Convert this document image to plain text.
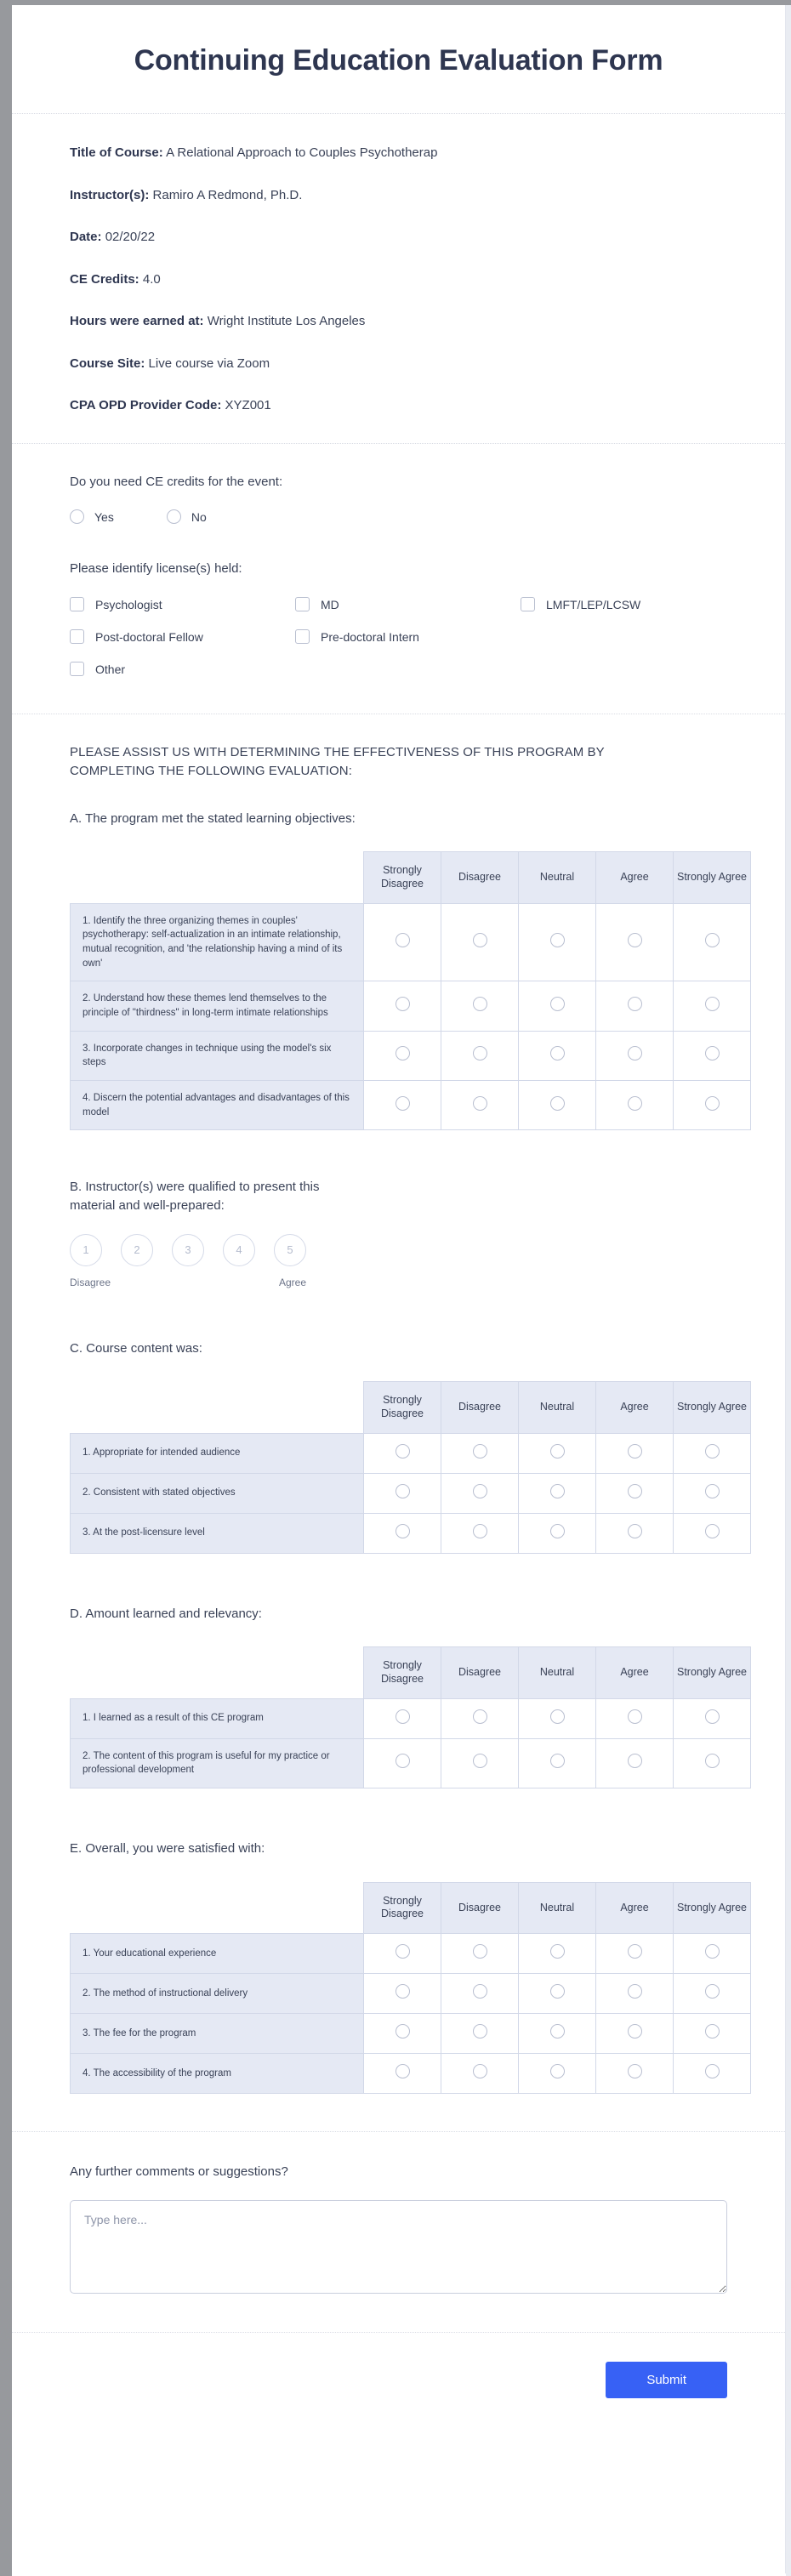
Continuing Education Evaluation Form
Title of Course: A Relational Approach to Couples Psychotherap
Instructor(s): Ramiro A Redmond, Ph.D.
Date: 02/20/22
CE Credits: 4.0
Hours were earned at: Wright Institute Los Angeles
Course Site: Live course via Zoom
CPA OPD Provider Code: XYZ001
Do you need CE credits for the event:
Yes	No
Please identify license(s) held:
Psychologist	MD	LMFT/LEP/LCSW
Post-doctoral Fellow	Pre-doctoral Intern
Other
PLEASE ASSIST US WITH DETERMINING THE EFFECTIVENESS OF THIS PROGRAM BY COMPLETING THE FOLLOWING EVALUATION:
A. The program met the stated learning objectives:
	Strongly Disagree	Disagree	Neutral	Agree	Strongly Agree
1. Identify the three organizing themes in couples' psychotherapy: self-actualization in an intimate relationship, mutual recognition, and 'the relationship having a mind of its own'					
2. Understand how these themes lend themselves to the principle of "thirdness" in long-term intimate relationships					
3. Incorporate changes in technique using the model's six steps					
4. Discern the potential advantages and disadvantages of this model					
B. Instructor(s) were qualified to present this material and well-prepared:
1	2	3	4	5
Disagree	Agree
C. Course content was:
	Strongly Disagree	Disagree	Neutral	Agree	Strongly Agree
1. Appropriate for intended audience					
2. Consistent with stated objectives					
3. At the post-licensure level					
D. Amount learned and relevancy:
	Strongly Disagree	Disagree	Neutral	Agree	Strongly Agree
1. I learned as a result of this CE program					
2. The content of this program is useful for my practice or professional development					
E. Overall, you were satisfied with:
	Strongly Disagree	Disagree	Neutral	Agree	Strongly Agree
1. Your educational experience					
2. The method of instructional delivery					
3. The fee for the program					
4. The accessibility of the program					
Any further comments or suggestions?
Type here...
Submit
